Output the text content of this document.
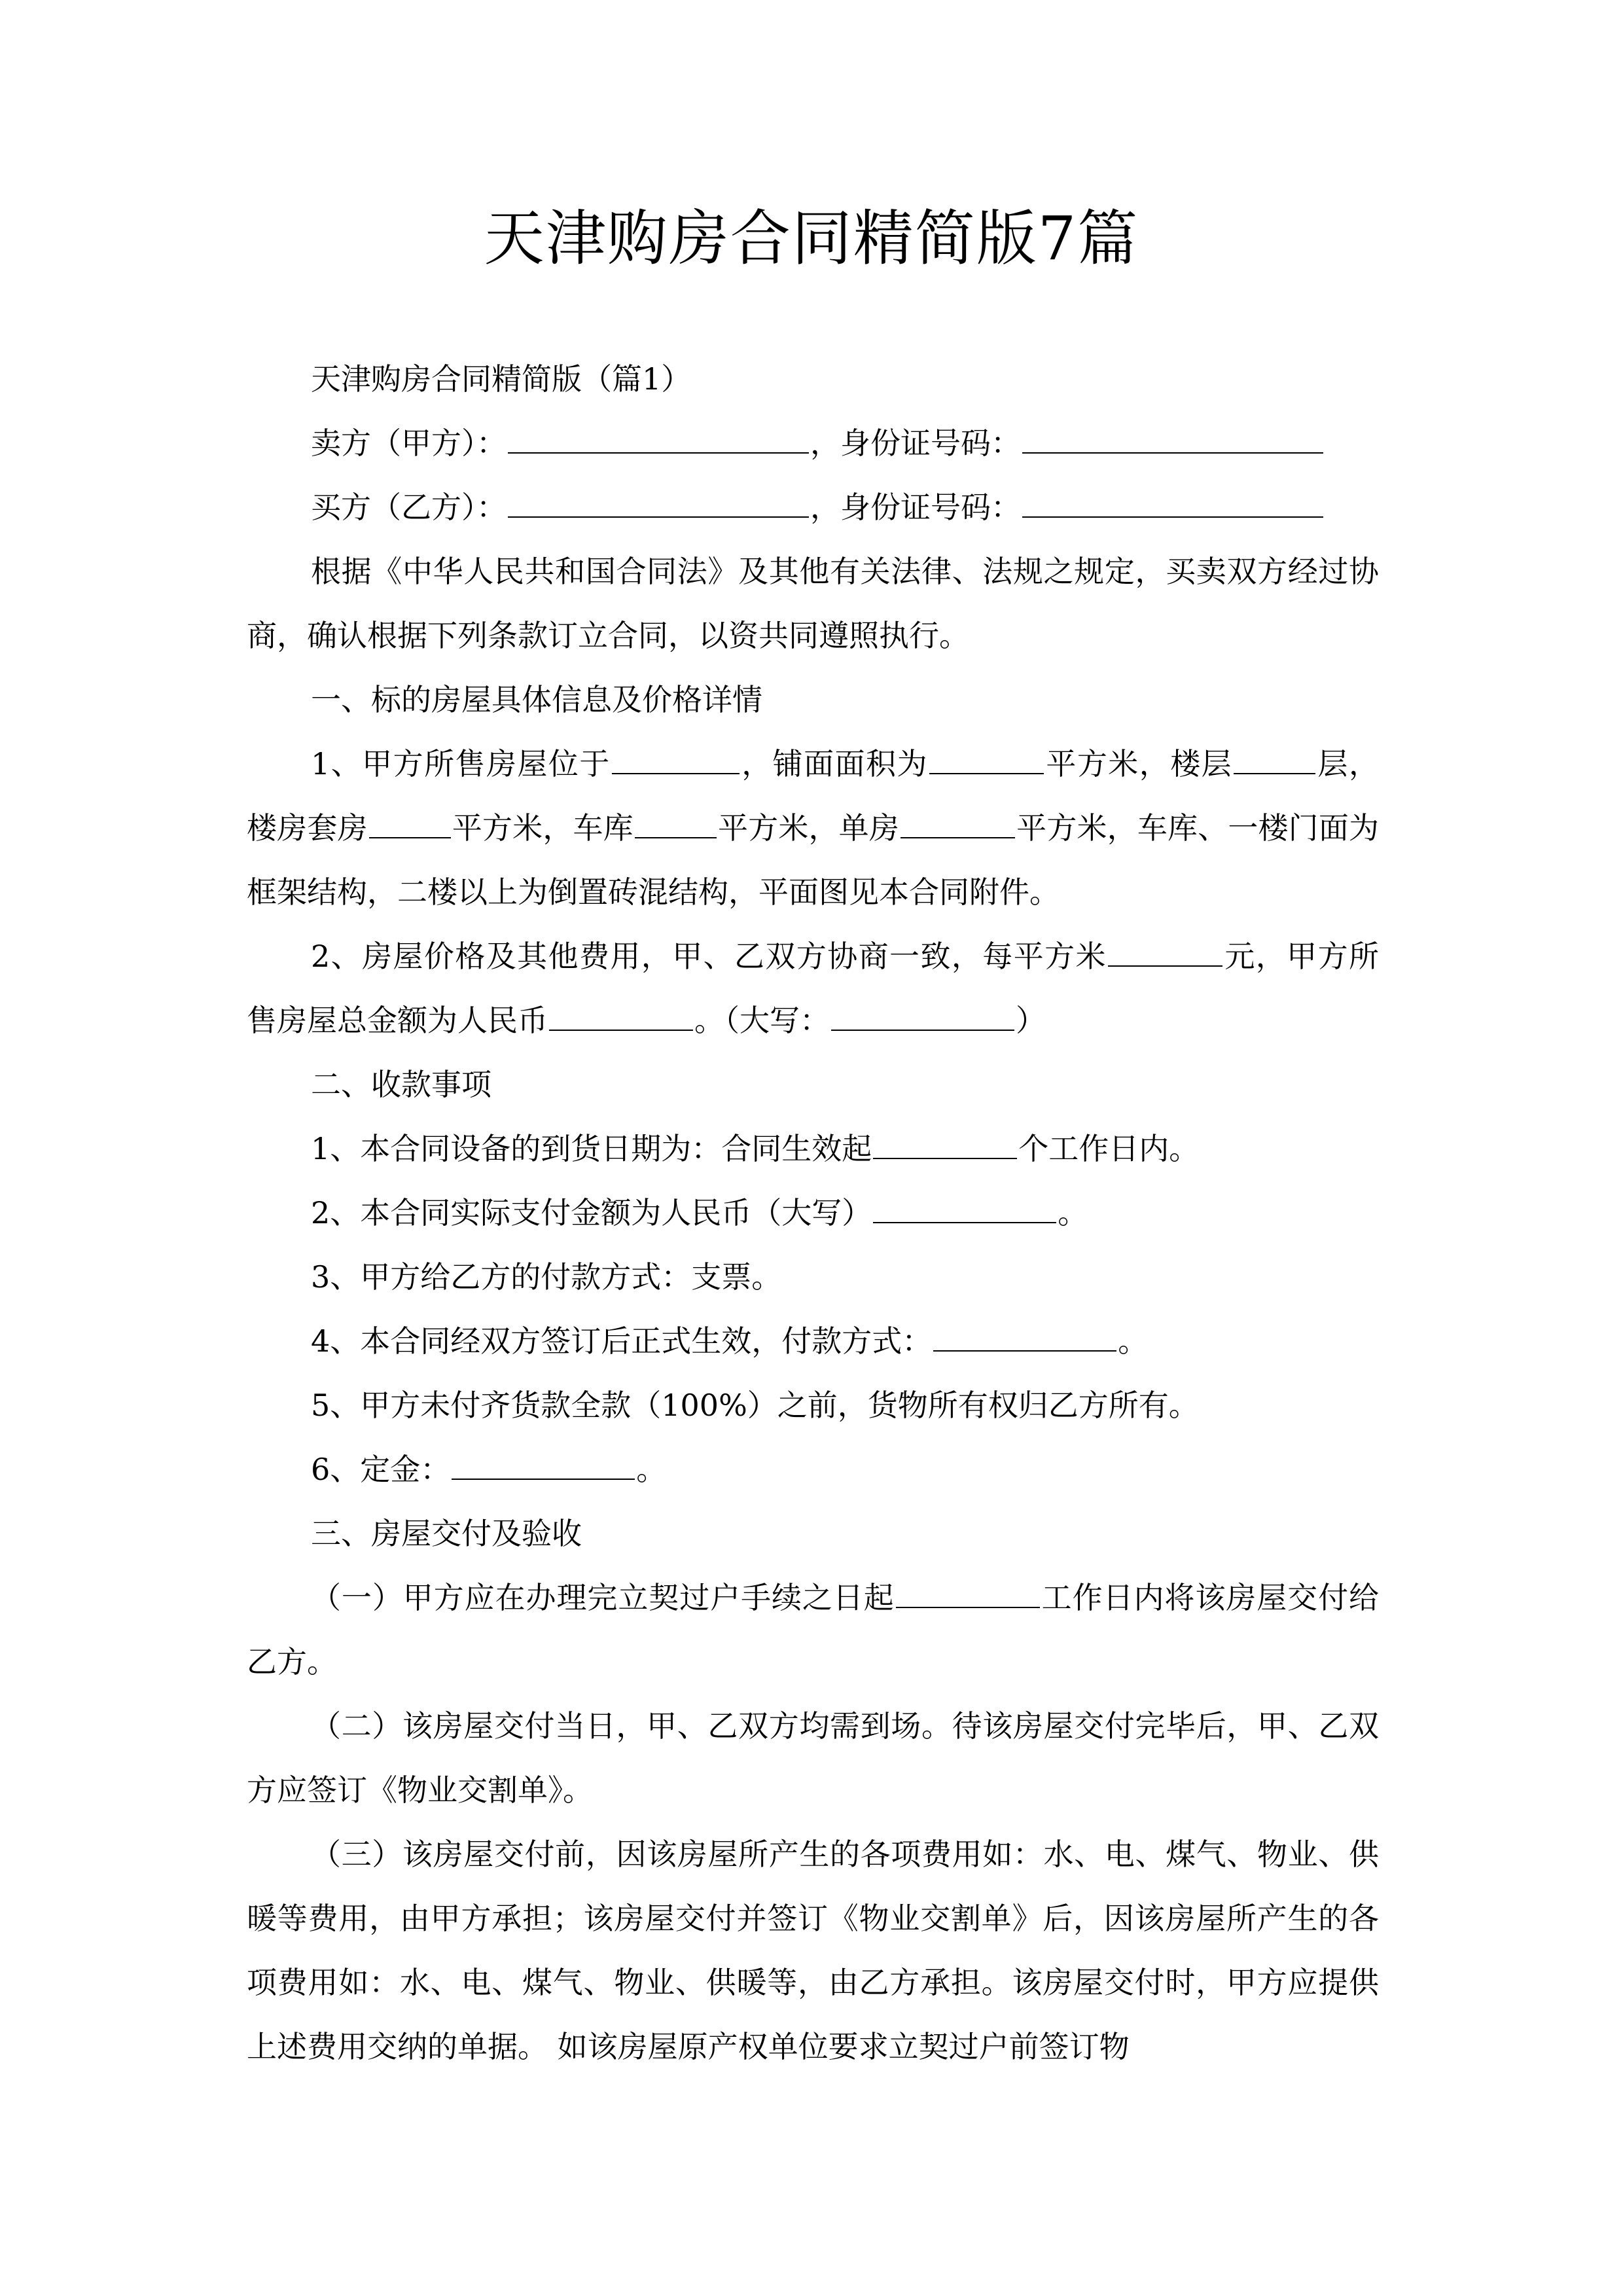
天津购房合同精简版7篇

天津购房合同精简版（篇1）

卖方（甲方）：	，身份证号码：

买方（乙方）：	，身份证号码：

根据《中华人民共和国合同法》及其他有关法律、法规之规定，买卖双方经过协商，确认根据下列条款订立合同，以资共同遵照执行。

一、标的房屋具体信息及价格详情

1、甲方所售房屋位于	，铺面面积为	平方米，楼层	层，楼房套房	平方米，车库	平方米，单房	平方米，车库、一楼门面为框架结构，二楼以上为倒置砖混结构，平面图见本合同附件。

2、房屋价格及其他费用，甲、乙双方协商一致，每平方米	元，甲方所售房屋总金额为人民币	。（大写：	）

二、收款事项

1、本合同设备的到货日期为：合同生效起	个工作日内。

2、本合同实际支付金额为人民币（大写）	。

3、甲方给乙方的付款方式：支票。

4、本合同经双方签订后正式生效，付款方式：	。

5、甲方未付齐货款全款（100%）之前，货物所有权归乙方所有。

6、定金：	。

三、房屋交付及验收

（一）甲方应在办理完立契过户手续之日起	工作日内将该房屋交付给乙方。

（二）该房屋交付当日，甲、乙双方均需到场。待该房屋交付完毕后，甲、乙双方应签订《物业交割单》。

（三）该房屋交付前，因该房屋所产生的各项费用如：水、电、煤气、物业、供暖等费用，由甲方承担；该房屋交付并签订《物业交割单》后，因该房屋所产生的各项费用如：水、电、煤气、物业、供暖等，由乙方承担。该房屋交付时，甲方应提供上述费用交纳的单据。 如该房屋原产权单位要求立契过户前签订物
